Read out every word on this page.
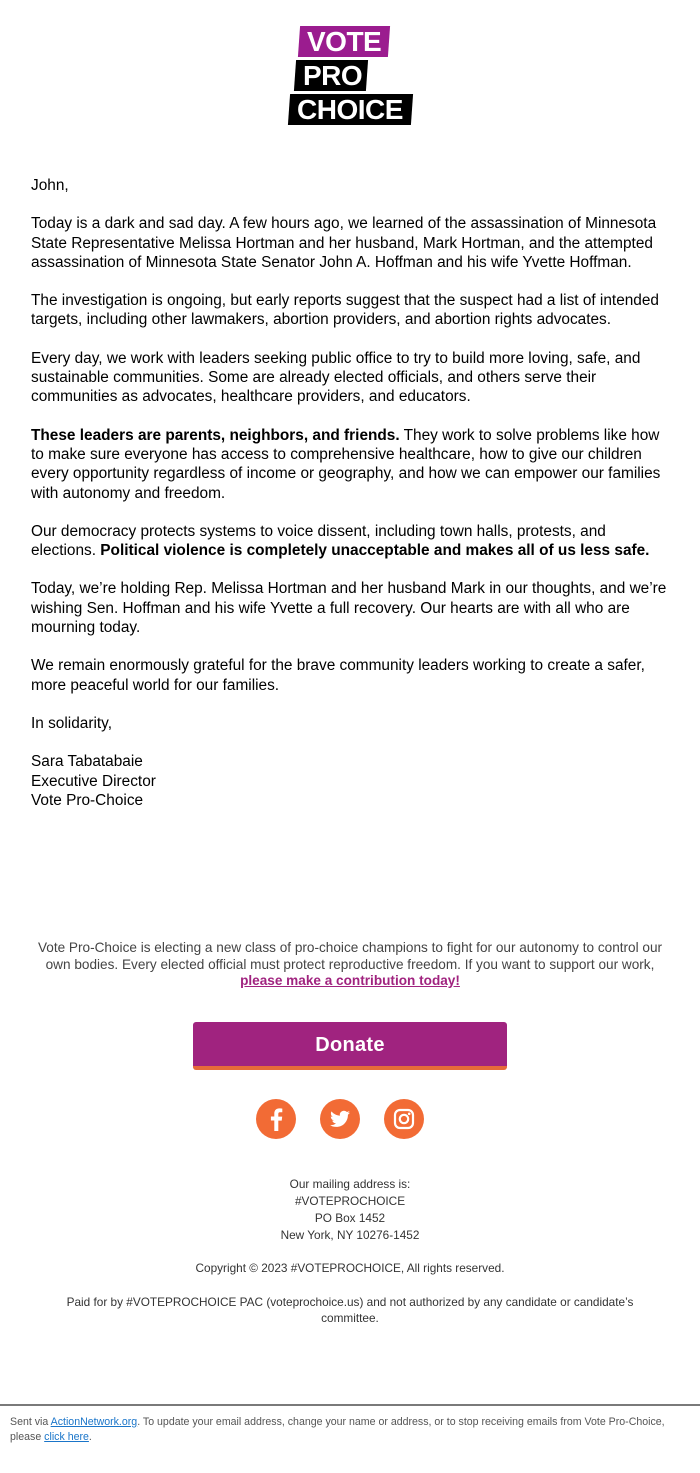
VOTE
PRO
CHOICE

John,

Today is a dark and sad day. A few hours ago, we learned of the assassination of Minnesota State Representative Melissa Hortman and her husband, Mark Hortman, and the attempted assassination of Minnesota State Senator John A. Hoffman and his wife Yvette Hoffman.

The investigation is ongoing, but early reports suggest that the suspect had a list of intended targets, including other lawmakers, abortion providers, and abortion rights advocates.

Every day, we work with leaders seeking public office to try to build more loving, safe, and sustainable communities. Some are already elected officials, and others serve their communities as advocates, healthcare providers, and educators.

These leaders are parents, neighbors, and friends. They work to solve problems like how to make sure everyone has access to comprehensive healthcare, how to give our children every opportunity regardless of income or geography, and how we can empower our families with autonomy and freedom.

Our democracy protects systems to voice dissent, including town halls, protests, and elections. Political violence is completely unacceptable and makes all of us less safe.

Today, we’re holding Rep. Melissa Hortman and her husband Mark in our thoughts, and we’re wishing Sen. Hoffman and his wife Yvette a full recovery. Our hearts are with all who are mourning today.

We remain enormously grateful for the brave community leaders working to create a safer, more peaceful world for our families.

In solidarity,

Sara Tabatabaie
Executive Director
Vote Pro-Choice

Vote Pro-Choice is electing a new class of pro-choice champions to fight for our autonomy to control our own bodies. Every elected official must protect reproductive freedom. If you want to support our work, please make a contribution today!
Donate
Our mailing address is:
#VOTEPROCHOICE
PO Box 1452
New York, NY 10276-1452
Copyright © 2023 #VOTEPROCHOICE, All rights reserved.
Paid for by #VOTEPROCHOICE PAC (voteprochoice.us) and not authorized by any candidate or candidate’s committee.
Sent via ActionNetwork.org. To update your email address, change your name or address, or to stop receiving emails from Vote Pro-Choice, please click here.
